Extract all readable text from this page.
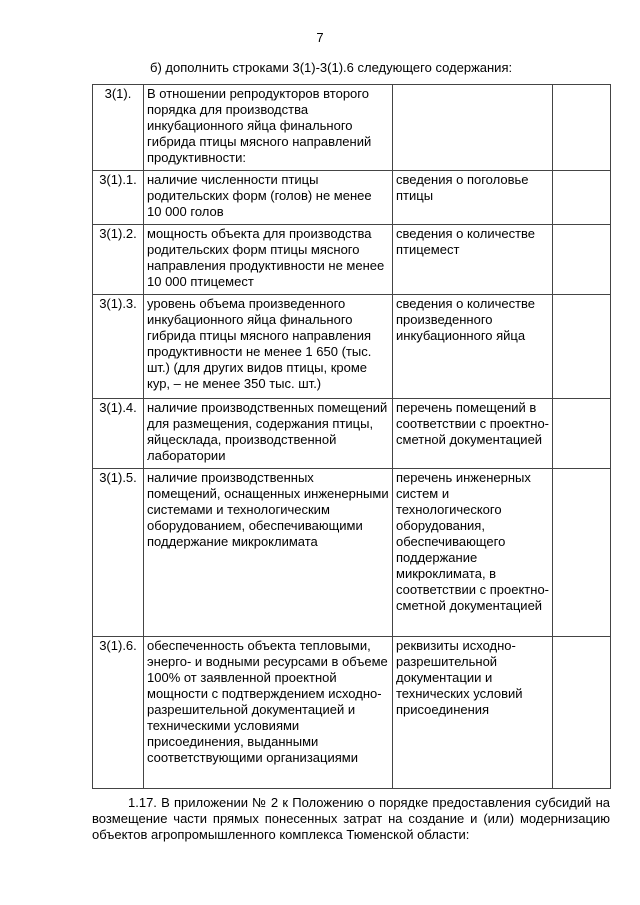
7
б) дополнить строками 3(1)-3(1).6 следующего содержания:
3(1).	В отношении репродукторов второго порядка для производства инкубационного яйца финального гибрида птицы мясного направлений продуктивности:		
3(1).1.	наличие численности птицы родительских форм (голов) не менее 10 000 голов	сведения о поголовье птицы	
3(1).2.	мощность объекта для производства родительских форм птицы мясного направления продуктивности не менее 10 000 птицемест	сведения о количестве птицемест	
3(1).3.	уровень объема произведенного инкубационного яйца финального гибрида птицы мясного направления продуктивности не менее 1 650 (тыс. шт.) (для других видов птицы, кроме кур, – не менее 350 тыс. шт.)	сведения о количестве произведенного инкубационного яйца	
3(1).4.	наличие производственных помещений для размещения, содержания птицы, яйцесклада, производственной лаборатории	перечень помещений в соответствии с проектно-сметной документацией	
3(1).5.	наличие производственных помещений, оснащенных инженерными системами и технологическим оборудованием, обеспечивающими поддержание микроклимата	перечень инженерных систем и технологического оборудования, обеспечивающего поддержание микроклимата, в соответствии с проектно-сметной документацией	
3(1).6.	обеспеченность объекта тепловыми, энерго- и водными ресурсами в объеме 100% от заявленной проектной мощности с подтверждением исходно-разрешительной документацией и техническими условиями присоединения, выданными соответствующими организациями	реквизиты исходно-разрешительной документации и технических условий присоединения	
1.17. В приложении № 2 к Положению о порядке предоставления субсидий на возмещение части прямых понесенных затрат на создание и (или) модернизацию объектов агропромышленного комплекса Тюменской области:
